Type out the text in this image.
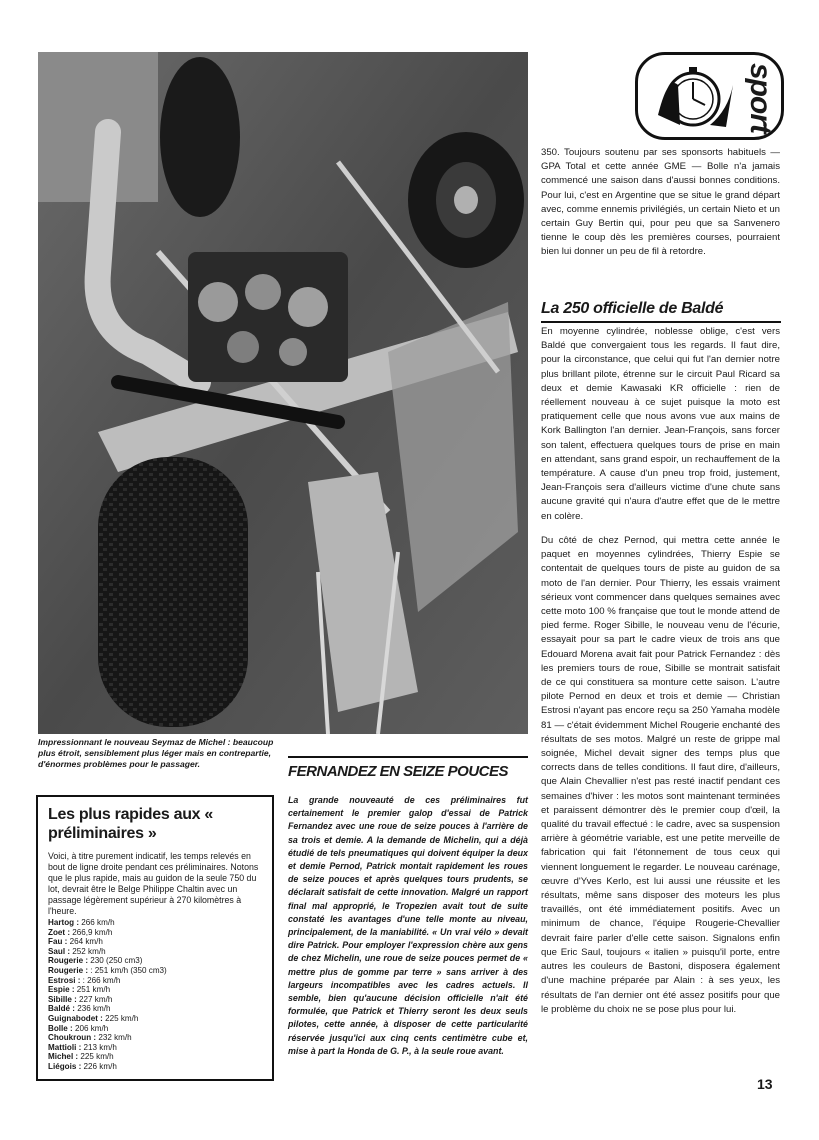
Impressionnant le nouveau Seymaz de Michel : beaucoup plus étroit, sensiblement plus léger mais en contrepartie, d'énormes problèmes pour le passager.
sport
350. Toujours soutenu par ses sponsorts habituels — GPA Total et cette année GME — Bolle n'a jamais commencé une saison dans d'aussi bonnes conditions. Pour lui, c'est en Argentine que se situe le grand départ avec, comme ennemis privilégiés, un certain Nieto et un certain Guy Bertin qui, pour peu que sa Sanvenero tienne le coup dès les premières courses, pourraient bien lui donner un peu de fil à retordre.
La 250 officielle de Baldé
En moyenne cylindrée, noblesse oblige, c'est vers Baldé que convergaient tous les regards. Il faut dire, pour la circonstance, que celui qui fut l'an dernier notre plus brillant pilote, étrenne sur le circuit Paul Ricard sa deux et demie Kawasaki KR officielle : rien de réellement nouveau à ce sujet puisque la moto est pratiquement celle que nous avons vue aux mains de Kork Ballington l'an dernier. Jean-François, sans forcer son talent, effectuera quelques tours de prise en main en attendant, sans grand espoir, un rechauffement de la température. A cause d'un pneu trop froid, justement, Jean-François sera d'ailleurs victime d'une chute sans aucune gravité qui n'aura d'autre effet que de le mettre en colère.
Du côté de chez Pernod, qui mettra cette année le paquet en moyennes cylindrées, Thierry Espie se contentait de quelques tours de piste au guidon de sa moto de l'an dernier. Pour Thierry, les essais vraiment sérieux vont commencer dans quelques semaines avec cette moto 100 % française que tout le monde attend de pied ferme. Roger Sibille, le nouveau venu de l'écurie, essayait pour sa part le cadre vieux de trois ans que Edouard Morena avait fait pour Patrick Fernandez : dès les premiers tours de roue, Sibille se montrait satisfait de ce qui constituera sa monture cette saison. L'autre pilote Pernod en deux et trois et demie — Christian Estrosi n'ayant pas encore reçu sa 250 Yamaha modèle 81 — c'était évidemment Michel Rougerie enchanté des résultats de ses motos. Malgré un reste de grippe mal soignée, Michel devait signer des temps plus que corrects dans de telles conditions. Il faut dire, d'ailleurs, que Alain Chevallier n'est pas resté inactif pendant ces semaines d'hiver : les motos sont maintenant terminées et paraissent démontrer dès le premier coup d'œil, la qualité du travail effectué : le cadre, avec sa suspension arrière à géométrie variable, est une petite merveille de fabrication qui fait l'étonnement de tous ceux qui viennent longuement le regarder. Le nouveau carénage, œuvre d'Yves Kerlo, est lui aussi une réussite et les résultats, même sans disposer des moteurs les plus travaillés, ont été immédiatement positifs. Avec un minimum de chance, l'équipe Rougerie-Chevallier devrait faire parler d'elle cette saison. Signalons enfin que Eric Saul, toujours « italien » puisqu'il porte, entre autres les couleurs de Bastoni, disposera également d'une machine préparée par Alain : à ses yeux, les résultats de l'an dernier ont été assez positifs pour que le problème du choix ne se pose plus pour lui.
FERNANDEZ EN SEIZE POUCES
La grande nouveauté de ces préliminaires fut certainement le premier galop d'essai de Patrick Fernandez avec une roue de seize pouces à l'arrière de sa trois et demie. A la demande de Michelin, qui a déjà étudié de tels pneumatiques qui doivent équiper la deux et demie Pernod, Patrick montait rapidement les roues de seize pouces et après quelques tours prudents, se déclarait satisfait de cette innovation. Malgré un rapport final mal approprié, le Tropezien avait tout de suite constaté les avantages d'une telle monte au niveau, principalement, de la maniabilité. « Un vrai vélo » devait dire Patrick. Pour employer l'expression chère aux gens de chez Michelin, une roue de seize pouces permet de « mettre plus de gomme par terre » sans arriver à des largeurs incompatibles avec les cadres actuels. Il semble, bien qu'aucune décision officielle n'ait été formulée, que Patrick et Thierry seront les deux seuls pilotes, cette année, à disposer de cette particularité réservée jusqu'ici aux cinq cents centimètre cube et, mise à part la Honda de G. P., à la seule roue avant.
Les plus rapides aux « préliminaires »
Voici, à titre purement indicatif, les temps relevés en bout de ligne droite pendant ces préliminaires. Notons que le plus rapide, mais au guidon de la seule 750 du lot, devrait être le Belge Philippe Chaltin avec un passage légèrement supérieur à 270 kilomètres à l'heure.
Hartog : 266 km/h
Zoet : 266,9 km/h
Fau : 264 km/h
Saul : 252 km/h
Rougerie : 230 (250 cm3)
Rougerie : : 251 km/h (350 cm3)
Estrosi : : 266 km/h
Espie : 251 km/h
Sibille : 227 km/h
Baldé : 236 km/h
Guignabodet : 225 km/h
Bolle : 206 km/h
Choukroun : 232 km/h
Mattioli : 213 km/h
Michel : 225 km/h
Liégois : 226 km/h
13
